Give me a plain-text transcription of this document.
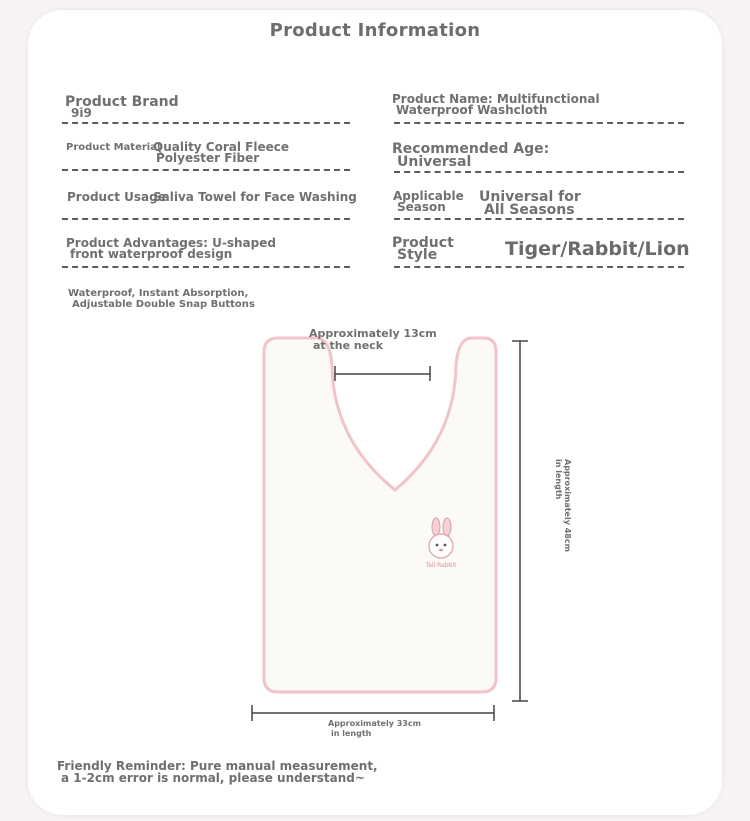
Product Information
Product Brand
9i9
Product Name: Multifunctional
Waterproof Washcloth
Product Material
Quality Coral Fleece
Polyester Fiber
Recommended Age:
Universal
Product Usage
Saliva Towel for Face Washing	Applicable
Season
Universal for
All Seasons
Product Advantages: U-shaped
front waterproof design
Product
Style	Tiger/Rabbit/Lion
Waterproof, Instant Absorption,
Adjustable Double Snap Buttons
Tail Rabbit
Approximately 13cm
at the neck
Approximately 48cm
in length
Approximately 33cm
in length
Friendly Reminder: Pure manual measurement,
a 1-2cm error is normal, please understand~
